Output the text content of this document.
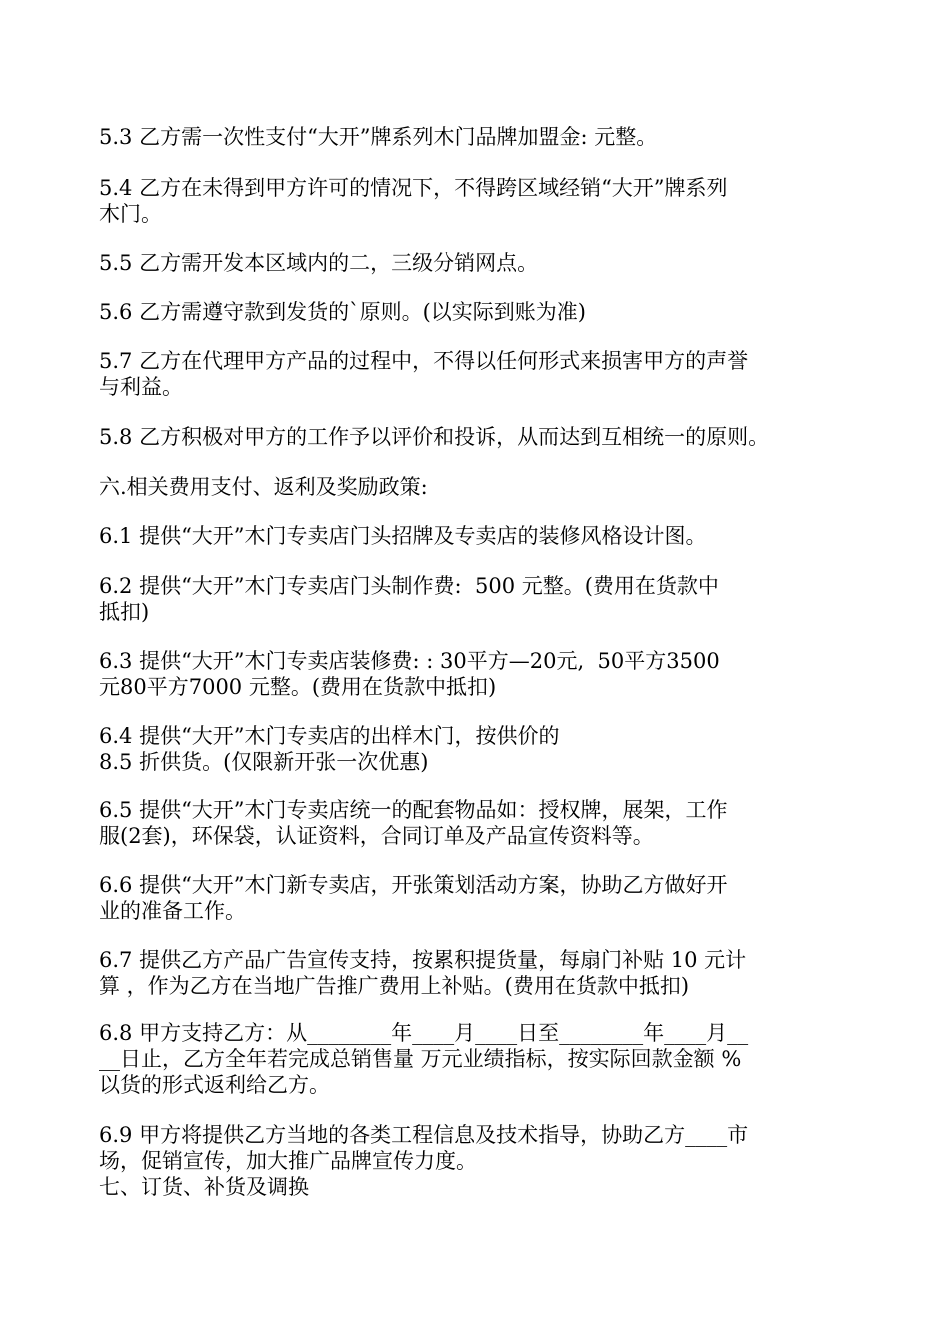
5.3 乙方需一次性支付“大开”牌系列木门品牌加盟金: 元整。
5.4 乙方在未得到甲方许可的情况下，不得跨区域经销“大开”牌系列
木门。
5.5 乙方需开发本区域内的二，三级分销网点。
5.6 乙方需遵守款到发货的`原则。(以实际到账为准)
5.7 乙方在代理甲方产品的过程中，不得以任何形式来损害甲方的声誉
与利益。
5.8 乙方积极对甲方的工作予以评价和投诉，从而达到互相统一的原则。
六.相关费用支付、返利及奖励政策:
6.1 提供“大开”木门专卖店门头招牌及专卖店的装修风格设计图。
6.2 提供“大开”木门专卖店门头制作费:  500 元整。(费用在货款中
抵扣)
6.3 提供“大开”木门专卖店装修费: : 30平方—20元,  50平方3500
元80平方7000 元整。(费用在货款中抵扣)
6.4 提供“大开”木门专卖店的出样木门，按供价的
8.5 折供货。(仅限新开张一次优惠)
6.5 提供“大开”木门专卖店统一的配套物品如：授权牌，展架，工作
服(2套)，环保袋，认证资料，合同订单及产品宣传资料等。
6.6 提供“大开”木门新专卖店，开张策划活动方案，协助乙方做好开
业的准备工作。
6.7 提供乙方产品广告宣传支持，按累积提货量，每扇门补贴 10 元计
算 ，作为乙方在当地广告推广费用上补贴。(费用在货款中抵扣)
6.8 甲方支持乙方：从________年____月____日至________年____月__
__日止，乙方全年若完成总销售量 万元业绩指标，按实际回款金额 %
以货的形式返利给乙方。
6.9 甲方将提供乙方当地的各类工程信息及技术指导，协助乙方____市
场，促销宣传，加大推广品牌宣传力度。
七、订货、补货及调换
